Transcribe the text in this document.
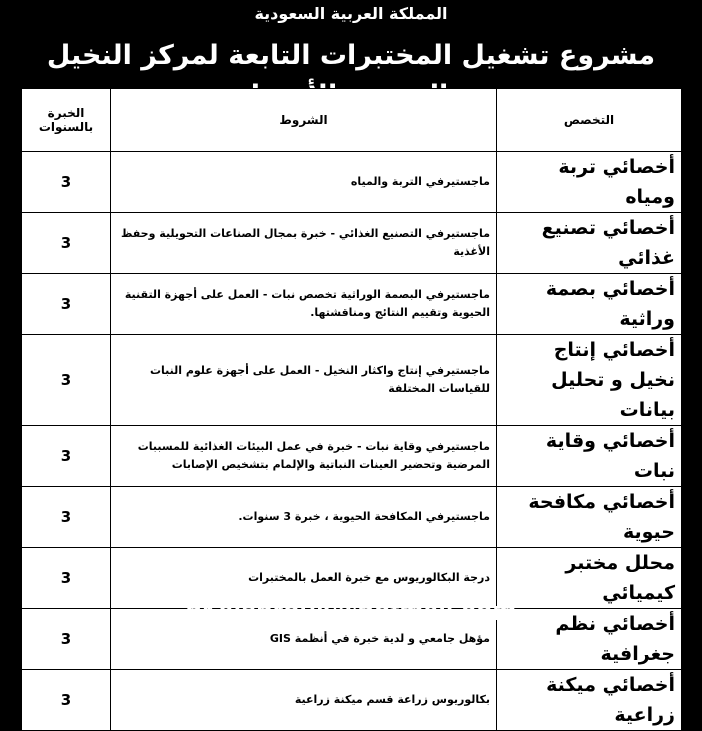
المملكة العربية السعودية
مشروع تشغيل المختبرات التابعة لمركز النخيل
التخصص	الشروط	الخبرة بالسنوات
أخصائي تربة ومياه	ماجستيرفي التربة والمياه	3
أخصائي تصنيع غذائي	ماجستيرفي التصنيع الغذائي - خبرة بمجال الصناعات التحويلية وحفظ الأغذية	3
أخصائي بصمة وراثية	ماجستيرفي البصمة الوراثية تخصص نبات - العمل على أجهزة التقنية الحيوية وتقييم النتائج ومناقشتها.	3
أخصائي إنتاج نخيل و تحليل بيانات	ماجستيرفي إنتاج واكثار النخيل - العمل على أجهزة علوم النبات للقياسات المختلفة	3
أخصائي وقاية نبات	ماجستيرفي وقاية نبات - خبرة في عمل البيئات الغذائية للمسببات المرضية وتحضير العينات النباتية والإلمام بتشخيص الإصابات	3
أخصائي مكافحة حيوية	ماجستيرفي المكافحة الحيوية ، خبرة 3 سنوات.	3
محلل مختبر كيميائي	درجة البكالوريوس مع خبرة العمل بالمختبرات	3
أخصائي نظم جغرافية	مؤهل جامعي و لدية خبرة في أنظمة GIS	3
أخصائي ميكنة زراعية	بكالوريوس زراعة قسم ميكنة زراعية	3
hr.alshrouk@hotmail.com
